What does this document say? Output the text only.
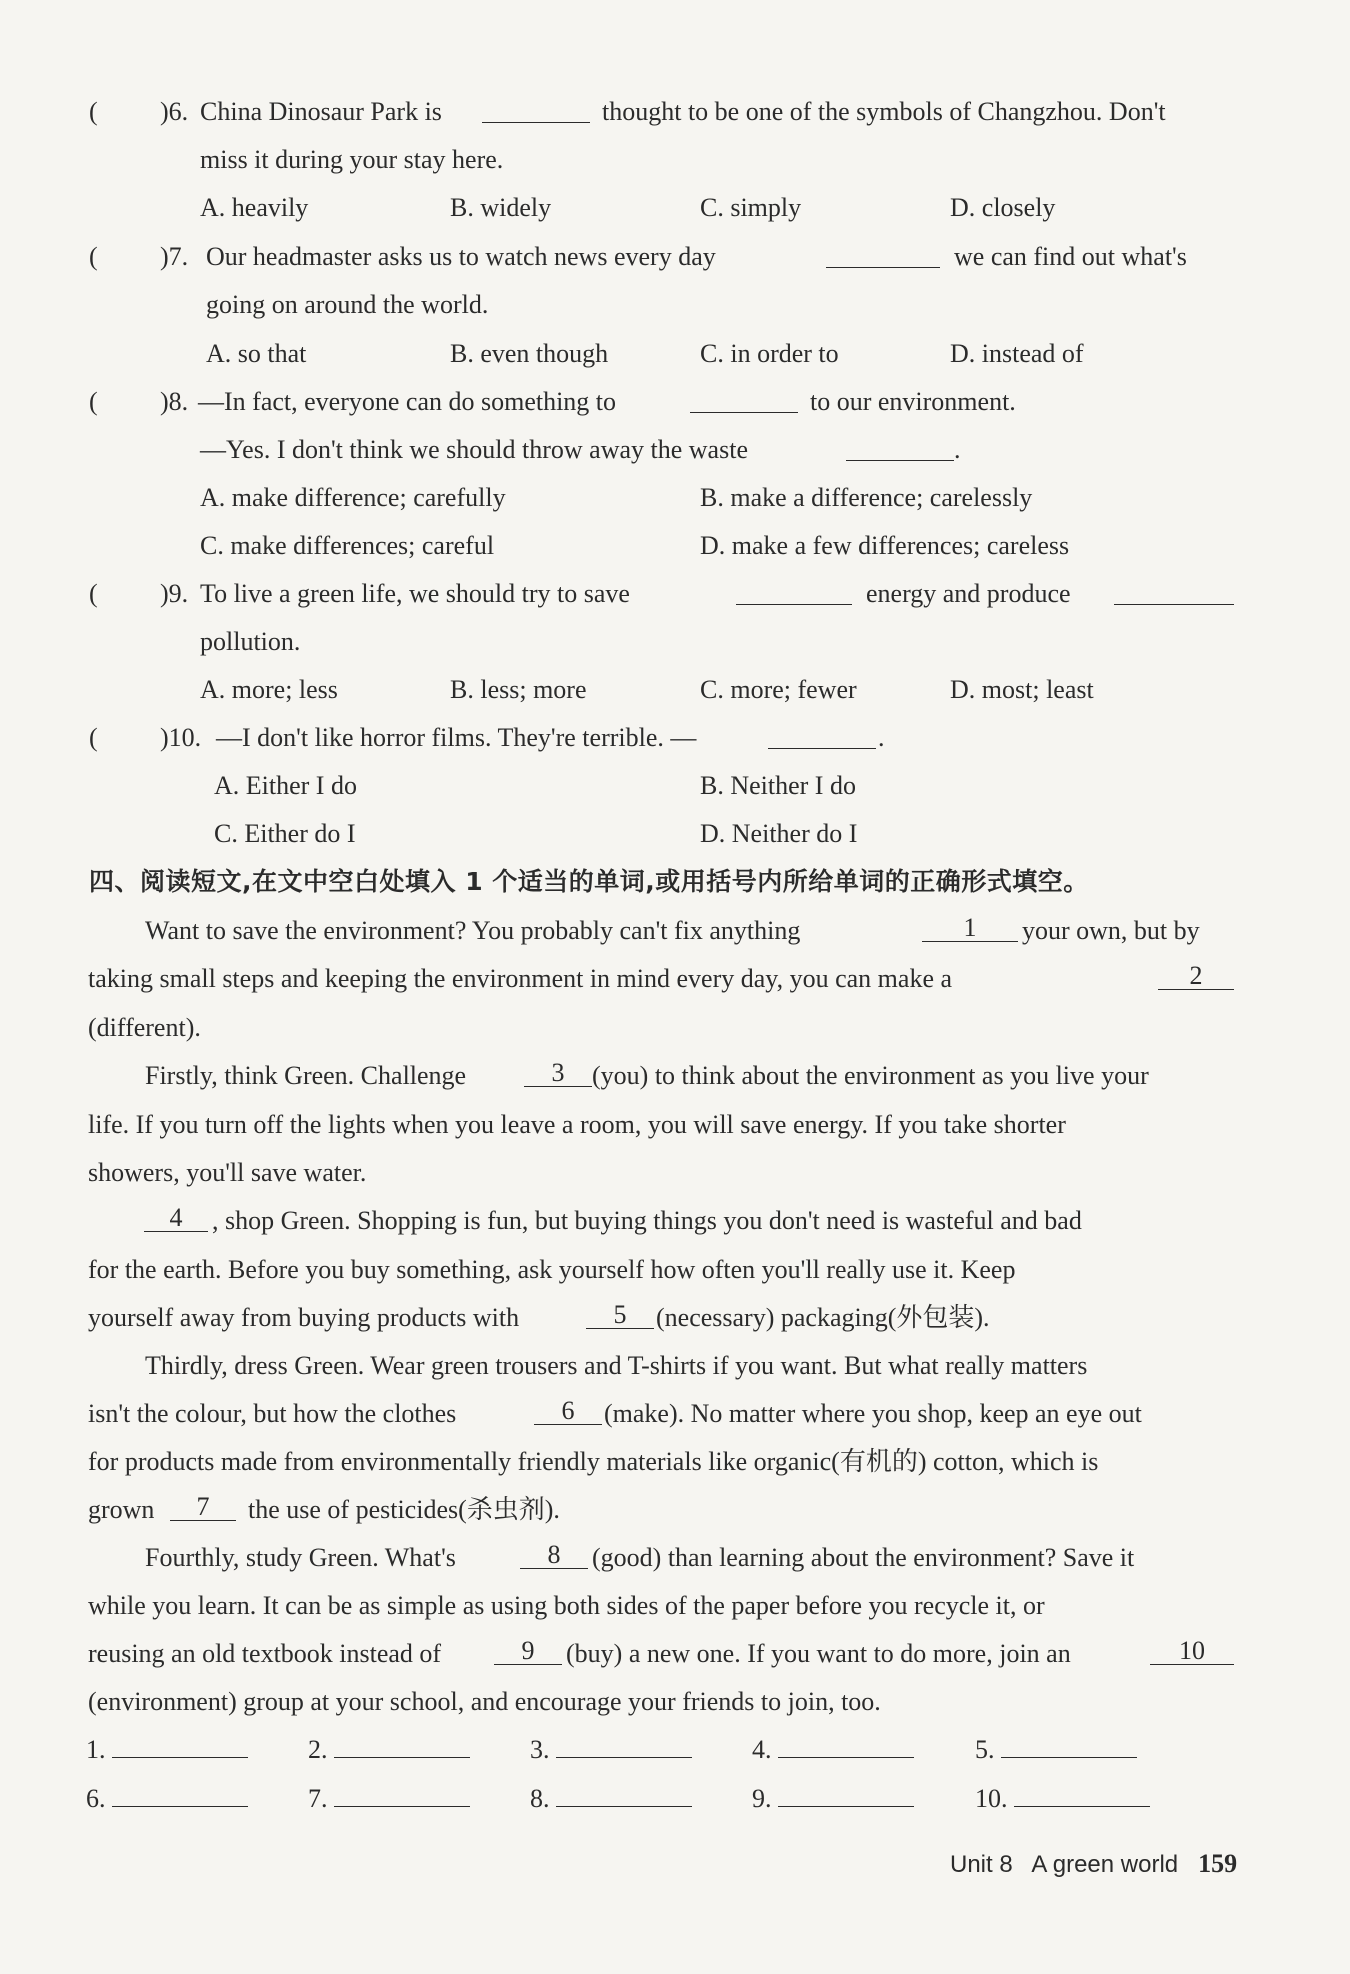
( )6. China Dinosaur Park is	thought to be one of the symbols of Changzhou. Don't
miss it during your stay here.
A. heavily	B. widely	C. simply	D. closely
( )7. Our headmaster asks us to watch news every day	we can find out what's
going on around the world.
A. so that	B. even though	C. in order to	D. instead of
( )8. —In fact, everyone can do something to	to our environment.
—Yes. I don't think we should throw away the waste	.
A. make difference; carefully	B. make a difference; carelessly
C. make differences; careful	D. make a few differences; careless
( )9. To live a green life, we should try to save	energy and produce
pollution.
A. more; less	B. less; more	C. more; fewer	D. most; least
( )10. —I don't like horror films. They're terrible. —	.
A. Either I do	B. Neither I do
C. Either do I	D. Neither do I
四、阅读短文,在文中空白处填入 1 个适当的单词,或用括号内所给单词的正确形式填空。
Want to save the environment? You probably can't fix anything	1	your own, but by
taking small steps and keeping the environment in mind every day, you can make a	2
(different).
Firstly, think Green. Challenge	3	(you) to think about the environment as you live your
life. If you turn off the lights when you leave a room, you will save energy. If you take shorter
showers, you'll save water.
4	, shop Green. Shopping is fun, but buying things you don't need is wasteful and bad
for the earth. Before you buy something, ask yourself how often you'll really use it. Keep
yourself away from buying products with	5	(necessary) packaging(外包装).
Thirdly, dress Green. Wear green trousers and T-shirts if you want. But what really matters
isn't the colour, but how the clothes	6	(make). No matter where you shop, keep an eye out
for products made from environmentally friendly materials like organic(有机的) cotton, which is
grown	7	the use of pesticides(杀虫剂).
Fourthly, study Green. What's	8	(good) than learning about the environment? Save it
while you learn. It can be as simple as using both sides of the paper before you recycle it, or
reusing an old textbook instead of	9	(buy) a new one. If you want to do more, join an	10
(environment) group at your school, and encourage your friends to join, too.
1.	2.	3.	4.	5.
6.	7.	8.	9.	10.
Unit 8 A green world 159
